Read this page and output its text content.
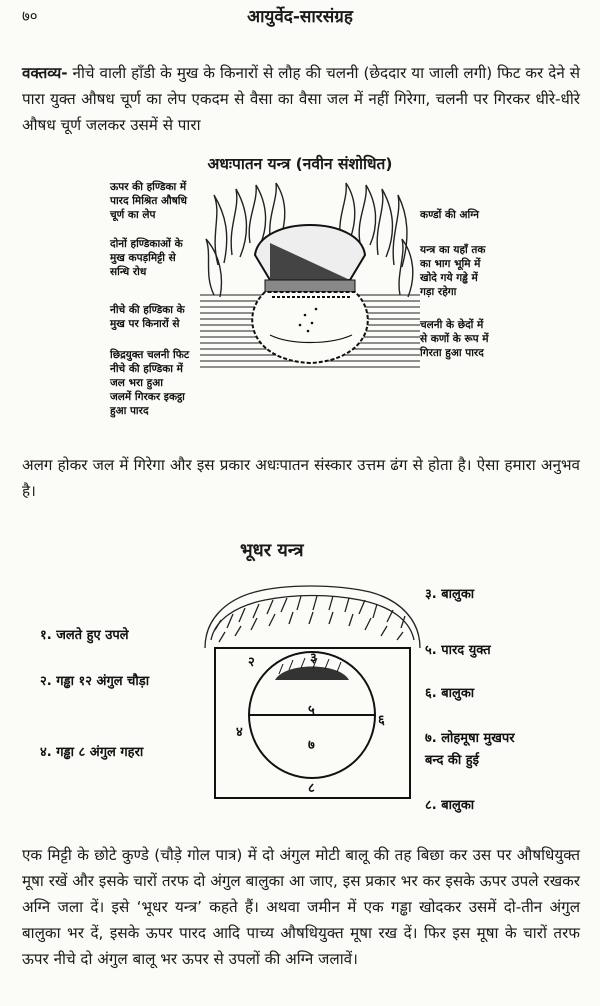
७०	आयुर्वेद-सारसंग्रह
वक्तव्य- नीचे वाली हाँडी के मुख के किनारों से लौह की चलनी (छेददार या जाली लगी) फिट कर देने से पारा युक्त औषध चूर्ण का लेप एकदम से वैसा का वैसा जल में नहीं गिरेगा, चलनी पर गिरकर धीरे-धीरे औषध चूर्ण जलकर उसमें से पारा
अधःपातन यन्त्र (नवीन संशोधित)
ऊपर की हण्डिका में
पारद मिश्रित औषधि
चूर्ण का लेप
दोनों हण्डिकाओं के
मुख कपड़मिट्टी से
सन्धि रोध
नीचे की हण्डिका के
मुख पर किनारों से
छिद्रयुक्त चलनी फिट
नीचे की हण्डिका में
जल भरा हुआ
जलमें गिरकर इकट्ठा
हुआ पारद
कण्डों की अग्नि
यन्त्र का यहाँ तक
का भाग भूमि में
खोदे गये गड्ढे में
गड़ा रहेगा
चलनी के छेदों में
से कणों के रूप में
गिरता हुआ पारद
अलग होकर जल में गिरेगा और इस प्रकार अधःपातन संस्कार उत्तम ढंग से होता है। ऐसा हमारा अनुभव है।
भूधर यन्त्र
२	३
५
४
६
७
८
१. जलते हुए उपले
२. गड्ढा १२ अंगुल चौड़ा
४. गड्ढा ८ अंगुल गहरा
३. बालुका
५. पारद युक्त
६. बालुका
७. लोहमूषा मुखपर
बन्द की हुई
८. बालुका
एक मिट्टी के छोटे कुण्डे (चौड़े गोल पात्र) में दो अंगुल मोटी बालू की तह बिछा कर उस पर औषधियुक्त मूषा रखें और इसके चारों तरफ दो अंगुल बालुका आ जाए, इस प्रकार भर कर इसके ऊपर उपले रखकर अग्नि जला दें। इसे ‘भूधर यन्त्र’ कहते हैं। अथवा जमीन में एक गड्ढा खोदकर उसमें दो-तीन अंगुल बालुका भर दें, इसके ऊपर पारद आदि पाच्य औषधियुक्त मूषा रख दें। फिर इस मूषा के चारों तरफ ऊपर नीचे दो अंगुल बालू भर ऊपर से उपलों की अग्नि जलावें।
